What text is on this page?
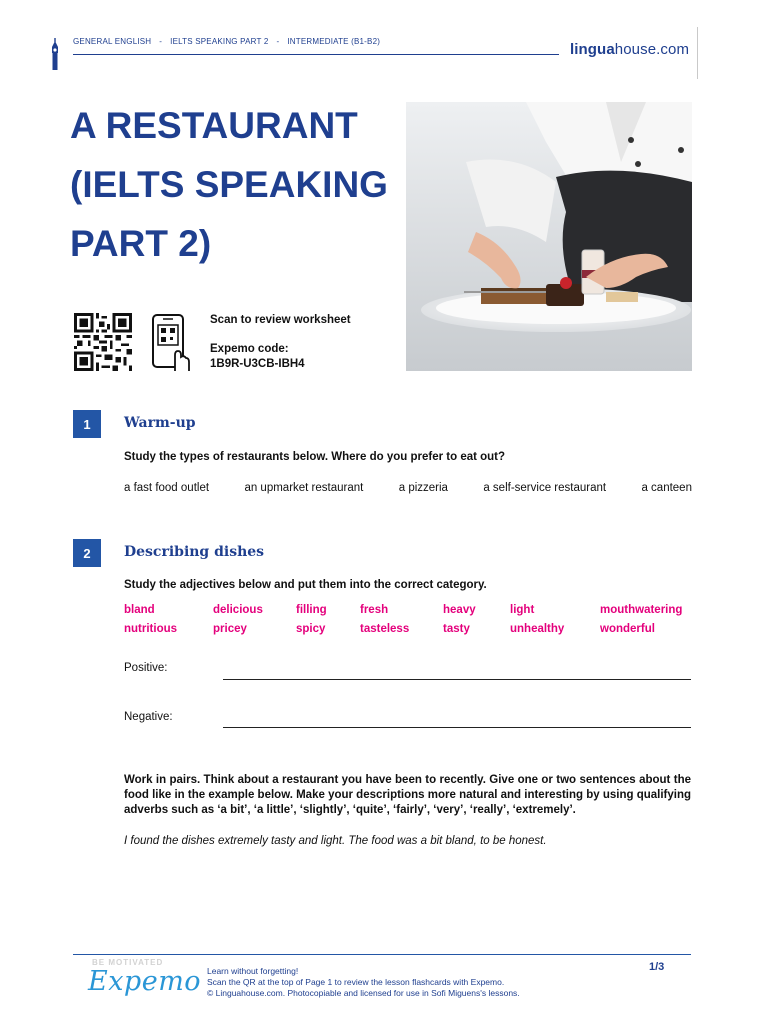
GENERAL ENGLISH - IELTS SPEAKING PART 2 - INTERMEDIATE (B1-B2)	linguahouse.com
A RESTAURANT
(IELTS SPEAKING
PART 2)
Scan to review worksheet
Expemo code:
1B9R-U3CB-IBH4
1	Warm-up
Study the types of restaurants below. Where do you prefer to eat out?
a fast food outlet	an upmarket restaurant	a pizzeria	a self-service restaurant	a canteen
2	Describing dishes
Study the adjectives below and put them into the correct category.
bland	delicious	filling	fresh	heavy	light	mouthwatering
nutritious	pricey	spicy	tasteless	tasty	unhealthy	wonderful
Positive:
Negative:
Work in pairs. Think about a restaurant you have been to recently. Give one or two sentences about the food like in the example below. Make your descriptions more natural and interesting by using qualifying adverbs such as ‘a bit’, ‘a little’, ‘slightly’, ‘quite’, ‘fairly’, ‘very’, ‘really’, ‘extremely’.
I found the dishes extremely tasty and light. The food was a bit bland, to be honest.
BE MOTIVATED
Expemo Learn without forgetting!
Scan the QR at the top of Page 1 to review the lesson flashcards with Expemo.
© Linguahouse.com. Photocopiable and licensed for use in Sofi Miguens's lessons.
1/3
